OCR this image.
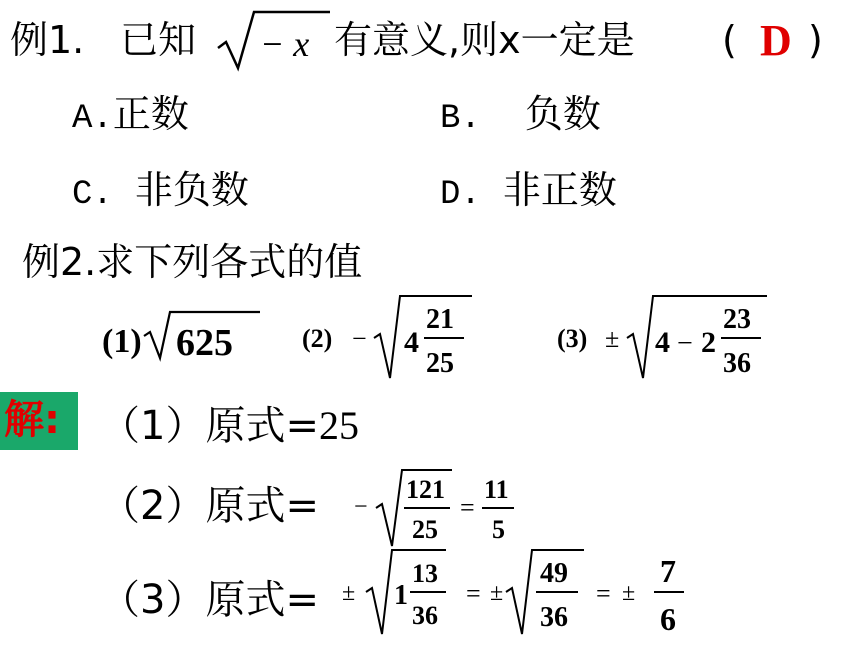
例1. 已知 − x 有意义,则x一定是 ( D )
A.正数	B. 负数
C. 非负数	D. 非正数
例2.求下列各式的值
(1) 625	(2) − 4
21
25
(3) ± 4 − 2
23
36
解: （1）原式=25
（2）原式= −
121
25
=
11
5
（3）原式= ± 1
13
36
= ±
49
36
= ±
7
6
